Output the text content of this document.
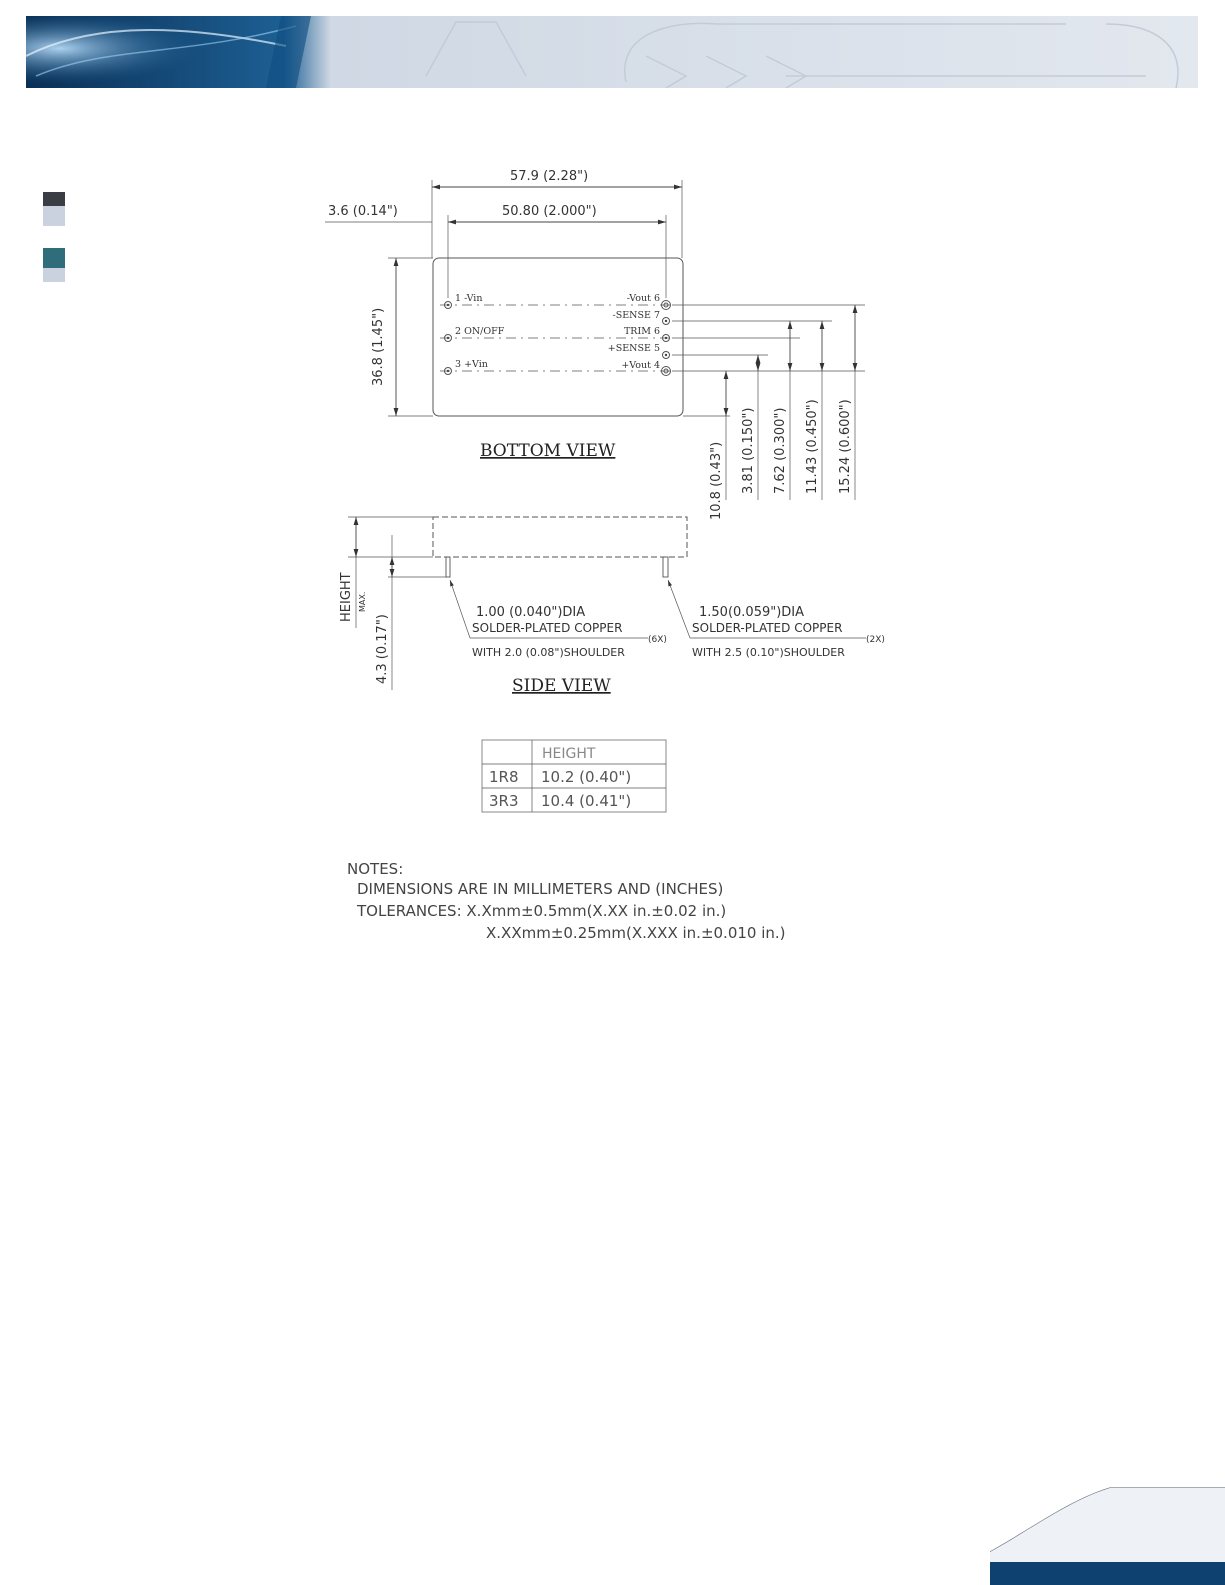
57.9 (2.28")
50.80 (2.000")
3.6 (0.14")
36.8 (1.45")
1 -Vin
2 ON/OFF
3 +Vin
-Vout 6
-SENSE 7
TRIM 6
+SENSE 5
+Vout 4
10.8 (0.43") 3.81 (0.150") 7.62 (0.300") 11.43 (0.450") 15.24 (0.600")
BOTTOM VIEW
HEIGHT MAX.
4.3 (0.17")
1.00 (0.040")DIA
SOLDER-PLATED COPPER
(6X)
WITH 2.0 (0.08")SHOULDER
1.50(0.059")DIA
SOLDER-PLATED COPPER
(2X)
WITH 2.5 (0.10")SHOULDER
SIDE VIEW
HEIGHT
1R8 10.2 (0.40")
3R3 10.4 (0.41")
NOTES:
DIMENSIONS ARE IN MILLIMETERS AND (INCHES)
TOLERANCES: X.Xmm±0.5mm(X.XX in.±0.02 in.)
X.XXmm±0.25mm(X.XXX in.±0.010 in.)
